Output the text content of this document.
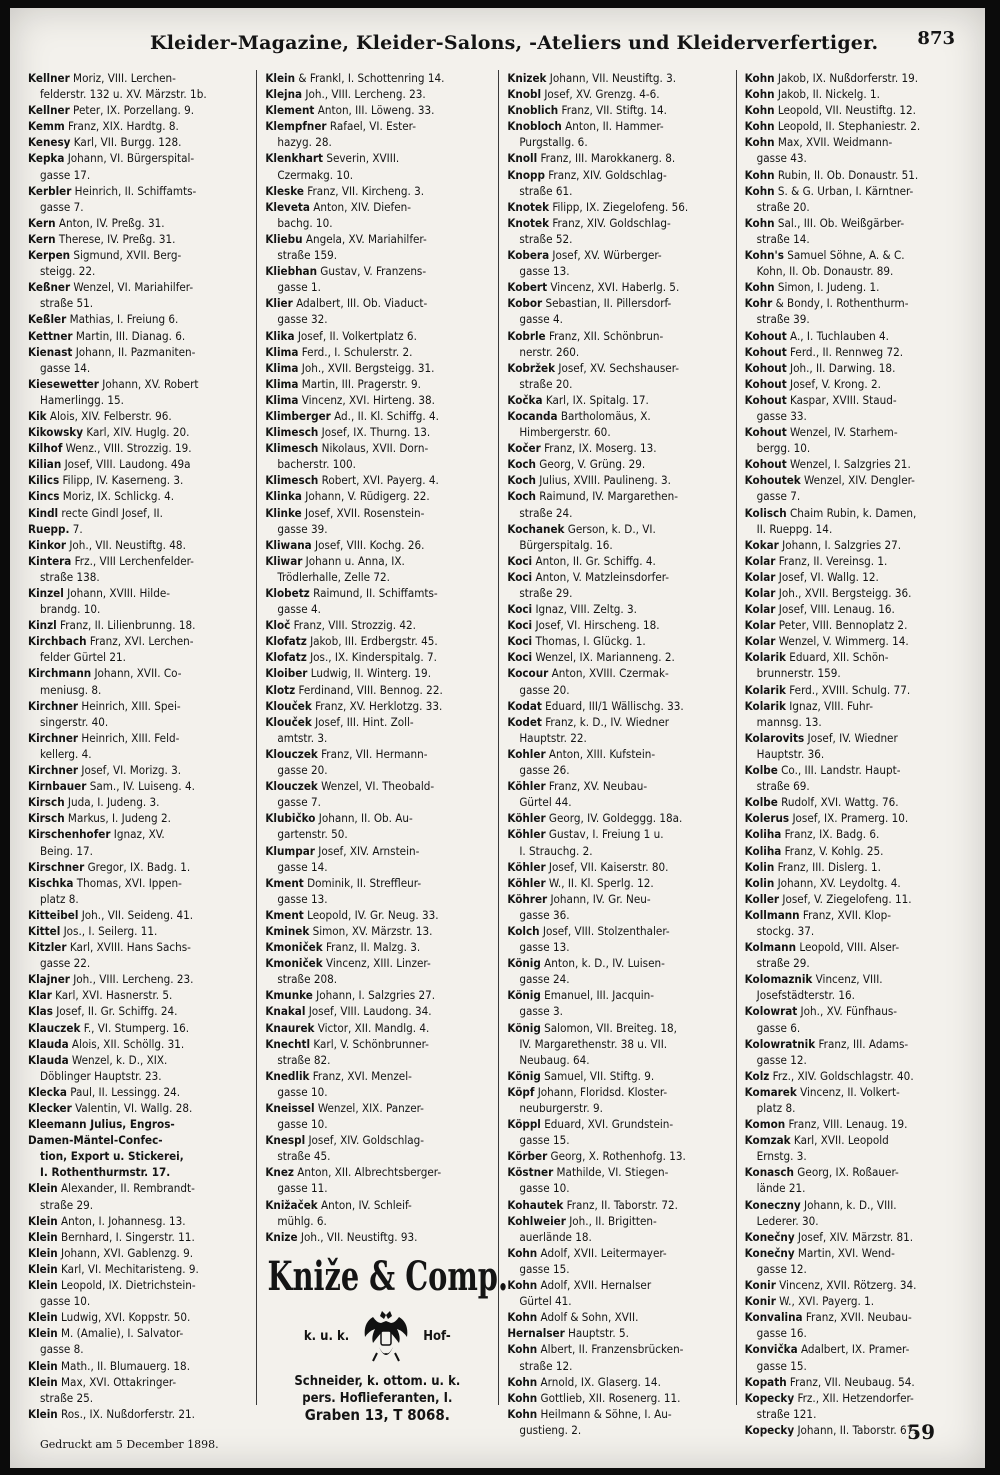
Kleider-Magazine, Kleider-Salons, -Ateliers und Kleiderverfertiger. 873
Kellner Moriz, VIII. Lerchen-
felderstr. 132 u. XV. Märzstr. 1b.
Kellner Peter, IX. Porzellang. 9.
Kemm Franz, XIX. Hardtg. 8.
Kenesy Karl, VII. Burgg. 128.
Kepka Johann, VI. Bürgerspital-
gasse 17.
Kerbler Heinrich, II. Schiffamts-
gasse 7.
Kern Anton, IV. Preßg. 31.
Kern Therese, IV. Preßg. 31.
Kerpen Sigmund, XVII. Berg-
steigg. 22.
Keßner Wenzel, VI. Mariahilfer-
straße 51.
Keßler Mathias, I. Freiung 6.
Kettner Martin, III. Dianag. 6.
Kienast Johann, II. Pazmaniten-
gasse 14.
Kiesewetter Johann, XV. Robert
Hamerlingg. 15.
Kik Alois, XIV. Felberstr. 96.
Kikowsky Karl, XIV. Huglg. 20.
Kilhof Wenz., VIII. Strozzig. 19.
Kilian Josef, VIII. Laudong. 49a
Kilics Filipp, IV. Kaserneng. 3.
Kincs Moriz, IX. Schlickg. 4.
Kindl recte Gindl Josef, II.
Ruepp. 7.
Kinkor Joh., VII. Neustiftg. 48.
Kintera Frz., VIII Lerchenfelder-
straße 138.
Kinzel Johann, XVIII. Hilde-
brandg. 10.
Kinzl Franz, II. Lilienbrunng. 18.
Kirchbach Franz, XVI. Lerchen-
felder Gürtel 21.
Kirchmann Johann, XVII. Co-
meniusg. 8.
Kirchner Heinrich, XIII. Spei-
singerstr. 40.
Kirchner Heinrich, XIII. Feld-
kellerg. 4.
Kirchner Josef, VI. Morizg. 3.
Kirnbauer Sam., IV. Luiseng. 4.
Kirsch Juda, I. Judeng. 3.
Kirsch Markus, I. Judeng 2.
Kirschenhofer Ignaz, XV.
Being. 17.
Kirschner Gregor, IX. Badg. 1.
Kischka Thomas, XVI. Ippen-
platz 8.
Kitteibel Joh., VII. Seideng. 41.
Kittel Jos., I. Seilerg. 11.
Kitzler Karl, XVIII. Hans Sachs-
gasse 22.
Klajner Joh., VIII. Lercheng. 23.
Klar Karl, XVI. Hasnerstr. 5.
Klas Josef, II. Gr. Schiffg. 24.
Klauczek F., VI. Stumperg. 16.
Klauda Alois, XII. Schöllg. 31.
Klauda Wenzel, k. D., XIX.
Döblinger Hauptstr. 23.
Klecka Paul, II. Lessingg. 24.
Klecker Valentin, VI. Wallg. 28.
Kleemann Julius, Engros-
Damen-Mäntel-Confec-
tion, Export u. Stickerei,
I. Rothenthurmstr. 17.
Klein Alexander, II. Rembrandt-
straße 29.
Klein Anton, I. Johannesg. 13.
Klein Bernhard, I. Singerstr. 11.
Klein Johann, XVI. Gablenzg. 9.
Klein Karl, VI. Mechitaristeng. 9.
Klein Leopold, IX. Dietrichstein-
gasse 10.
Klein Ludwig, XVI. Koppstr. 50.
Klein M. (Amalie), I. Salvator-
gasse 8.
Klein Math., II. Blumauerg. 18.
Klein Max, XVI. Ottakringer-
straße 25.
Klein Ros., IX. Nußdorferstr. 21.
Klein & Frankl, I. Schottenring 14.
Klejna Joh., VIII. Lercheng. 23.
Klement Anton, III. Löweng. 33.
Klempfner Rafael, VI. Ester-
hazyg. 28.
Klenkhart Severin, XVIII.
Czermakg. 10.
Kleske Franz, VII. Kircheng. 3.
Kleveta Anton, XIV. Diefen-
bachg. 10.
Kliebu Angela, XV. Mariahilfer-
straße 159.
Kliebhan Gustav, V. Franzens-
gasse 1.
Klier Adalbert, III. Ob. Viaduct-
gasse 32.
Klika Josef, II. Volkertplatz 6.
Klima Ferd., I. Schulerstr. 2.
Klima Joh., XVII. Bergsteigg. 31.
Klima Martin, III. Pragerstr. 9.
Klima Vincenz, XVI. Hirteng. 38.
Klimberger Ad., II. Kl. Schiffg. 4.
Klimesch Josef, IX. Thurng. 13.
Klimesch Nikolaus, XVII. Dorn-
bacherstr. 100.
Klimesch Robert, XVI. Payerg. 4.
Klinka Johann, V. Rüdigerg. 22.
Klinke Josef, XVII. Rosenstein-
gasse 39.
Kliwana Josef, VIII. Kochg. 26.
Kliwar Johann u. Anna, IX.
Trödlerhalle, Zelle 72.
Klobetz Raimund, II. Schiffamts-
gasse 4.
Kloč Franz, VIII. Strozzig. 42.
Klofatz Jakob, III. Erdbergstr. 45.
Klofatz Jos., IX. Kinderspitalg. 7.
Kloiber Ludwig, II. Winterg. 19.
Klotz Ferdinand, VIII. Bennog. 22.
Klouček Franz, XV. Herklotzg. 33.
Klouček Josef, III. Hint. Zoll-
amtstr. 3.
Klouczek Franz, VII. Hermann-
gasse 20.
Klouczek Wenzel, VI. Theobald-
gasse 7.
Klubičko Johann, II. Ob. Au-
gartenstr. 50.
Klumpar Josef, XIV. Arnstein-
gasse 14.
Kment Dominik, II. Streffleur-
gasse 13.
Kment Leopold, IV. Gr. Neug. 33.
Kminek Simon, XV. Märzstr. 13.
Kmoniček Franz, II. Malzg. 3.
Kmoniček Vincenz, XIII. Linzer-
straße 208.
Kmunke Johann, I. Salzgries 27.
Knakal Josef, VIII. Laudong. 34.
Knaurek Victor, XII. Mandlg. 4.
Knechtl Karl, V. Schönbrunner-
straße 82.
Knedlik Franz, XVI. Menzel-
gasse 10.
Kneissel Wenzel, XIX. Panzer-
gasse 10.
Knespl Josef, XIV. Goldschlag-
straße 45.
Knez Anton, XII. Albrechtsberger-
gasse 11.
Knižaček Anton, IV. Schleif-
mühlg. 6.
Knize Joh., VII. Neustiftg. 93.
Kniže & Comp.
k. u. k.	Hof-
Schneider, k. ottom. u. k.
pers. Hoflieferanten, I.
Graben 13, T 8068.
Knizek Johann, VII. Neustiftg. 3.
Knobl Josef, XV. Grenzg. 4-6.
Knoblich Franz, VII. Stiftg. 14.
Knobloch Anton, II. Hammer-
Purgstallg. 6.
Knoll Franz, III. Marokkanerg. 8.
Knopp Franz, XIV. Goldschlag-
straße 61.
Knotek Filipp, IX. Ziegelofeng. 56.
Knotek Franz, XIV. Goldschlag-
straße 52.
Kobera Josef, XV. Würberger-
gasse 13.
Kobert Vincenz, XVI. Haberlg. 5.
Kobor Sebastian, II. Pillersdorf-
gasse 4.
Kobrle Franz, XII. Schönbrun-
nerstr. 260.
Kobržek Josef, XV. Sechshauser-
straße 20.
Kočka Karl, IX. Spitalg. 17.
Kocanda Bartholomäus, X.
Himbergerstr. 60.
Kočer Franz, IX. Moserg. 13.
Koch Georg, V. Grüng. 29.
Koch Julius, XVIII. Paulineng. 3.
Koch Raimund, IV. Margarethen-
straße 24.
Kochanek Gerson, k. D., VI.
Bürgerspitalg. 16.
Koci Anton, II. Gr. Schiffg. 4.
Koci Anton, V. Matzleinsdorfer-
straße 29.
Koci Ignaz, VIII. Zeltg. 3.
Koci Josef, VI. Hirscheng. 18.
Koci Thomas, I. Glückg. 1.
Koci Wenzel, IX. Marianneng. 2.
Kocour Anton, XVIII. Czermak-
gasse 20.
Kodat Eduard, III/1 Wällischg. 33.
Kodet Franz, k. D., IV. Wiedner
Hauptstr. 22.
Kohler Anton, XIII. Kufstein-
gasse 26.
Köhler Franz, XV. Neubau-
Gürtel 44.
Köhler Georg, IV. Goldeggg. 18a.
Köhler Gustav, I. Freiung 1 u.
I. Strauchg. 2.
Köhler Josef, VII. Kaiserstr. 80.
Köhler W., II. Kl. Sperlg. 12.
Köhrer Johann, IV. Gr. Neu-
gasse 36.
Kolch Josef, VIII. Stolzenthaler-
gasse 13.
König Anton, k. D., IV. Luisen-
gasse 24.
König Emanuel, III. Jacquin-
gasse 3.
König Salomon, VII. Breiteg. 18,
IV. Margarethenstr. 38 u. VII.
Neubaug. 64.
König Samuel, VII. Stiftg. 9.
Köpf Johann, Floridsd. Kloster-
neuburgerstr. 9.
Köppl Eduard, XVI. Grundstein-
gasse 15.
Körber Georg, X. Rothenhofg. 13.
Köstner Mathilde, VI. Stiegen-
gasse 10.
Kohautek Franz, II. Taborstr. 72.
Kohlweier Joh., II. Brigitten-
auerlände 18.
Kohn Adolf, XVII. Leitermayer-
gasse 15.
Kohn Adolf, XVII. Hernalser
Gürtel 41.
Kohn Adolf & Sohn, XVII.
Hernalser Hauptstr. 5.
Kohn Albert, II. Franzensbrücken-
straße 12.
Kohn Arnold, IX. Glaserg. 14.
Kohn Gottlieb, XII. Rosenerg. 11.
Kohn Heilmann & Söhne, I. Au-
gustieng. 2.
Kohn Jakob, IX. Nußdorferstr. 19.
Kohn Jakob, II. Nickelg. 1.
Kohn Leopold, VII. Neustiftg. 12.
Kohn Leopold, II. Stephaniestr. 2.
Kohn Max, XVII. Weidmann-
gasse 43.
Kohn Rubin, II. Ob. Donaustr. 51.
Kohn S. & G. Urban, I. Kärntner-
straße 20.
Kohn Sal., III. Ob. Weißgärber-
straße 14.
Kohn's Samuel Söhne, A. & C.
Kohn, II. Ob. Donaustr. 89.
Kohn Simon, I. Judeng. 1.
Kohr & Bondy, I. Rothenthurm-
straße 39.
Kohout A., I. Tuchlauben 4.
Kohout Ferd., II. Rennweg 72.
Kohout Joh., II. Darwing. 18.
Kohout Josef, V. Krong. 2.
Kohout Kaspar, XVIII. Staud-
gasse 33.
Kohout Wenzel, IV. Starhem-
bergg. 10.
Kohout Wenzel, I. Salzgries 21.
Kohoutek Wenzel, XIV. Dengler-
gasse 7.
Kolisch Chaim Rubin, k. Damen,
II. Rueppg. 14.
Kokar Johann, I. Salzgries 27.
Kolar Franz, II. Vereinsg. 1.
Kolar Josef, VI. Wallg. 12.
Kolar Joh., XVII. Bergsteigg. 36.
Kolar Josef, VIII. Lenaug. 16.
Kolar Peter, VIII. Bennoplatz 2.
Kolar Wenzel, V. Wimmerg. 14.
Kolarik Eduard, XII. Schön-
brunnerstr. 159.
Kolarik Ferd., XVIII. Schulg. 77.
Kolarik Ignaz, VIII. Fuhr-
mannsg. 13.
Kolarovits Josef, IV. Wiedner
Hauptstr. 36.
Kolbe Co., III. Landstr. Haupt-
straße 69.
Kolbe Rudolf, XVI. Wattg. 76.
Kolerus Josef, IX. Pramerg. 10.
Koliha Franz, IX. Badg. 6.
Koliha Franz, V. Kohlg. 25.
Kolin Franz, III. Dislerg. 1.
Kolin Johann, XV. Leydoltg. 4.
Koller Josef, V. Ziegelofeng. 11.
Kollmann Franz, XVII. Klop-
stockg. 37.
Kolmann Leopold, VIII. Alser-
straße 29.
Kolomaznik Vincenz, VIII.
Josefstädterstr. 16.
Kolowrat Joh., XV. Fünfhaus-
gasse 6.
Kolowratnik Franz, III. Adams-
gasse 12.
Kolz Frz., XIV. Goldschlagstr. 40.
Komarek Vincenz, II. Volkert-
platz 8.
Komon Franz, VIII. Lenaug. 19.
Komzak Karl, XVII. Leopold
Ernstg. 3.
Konasch Georg, IX. Roßauer-
lände 21.
Koneczny Johann, k. D., VIII.
Lederer. 30.
Konečny Josef, XIV. Märzstr. 81.
Konečny Martin, XVI. Wend-
gasse 12.
Konir Vincenz, XVII. Rötzerg. 34.
Konir W., XVI. Payerg. 1.
Konvalina Franz, XVII. Neubau-
gasse 16.
Konvička Adalbert, IX. Pramer-
gasse 15.
Kopath Franz, VII. Neubaug. 54.
Kopecky Frz., XII. Hetzendorfer-
straße 121.
Kopecky Johann, II. Taborstr. 67.
Gedruckt am 5 December 1898.
59
